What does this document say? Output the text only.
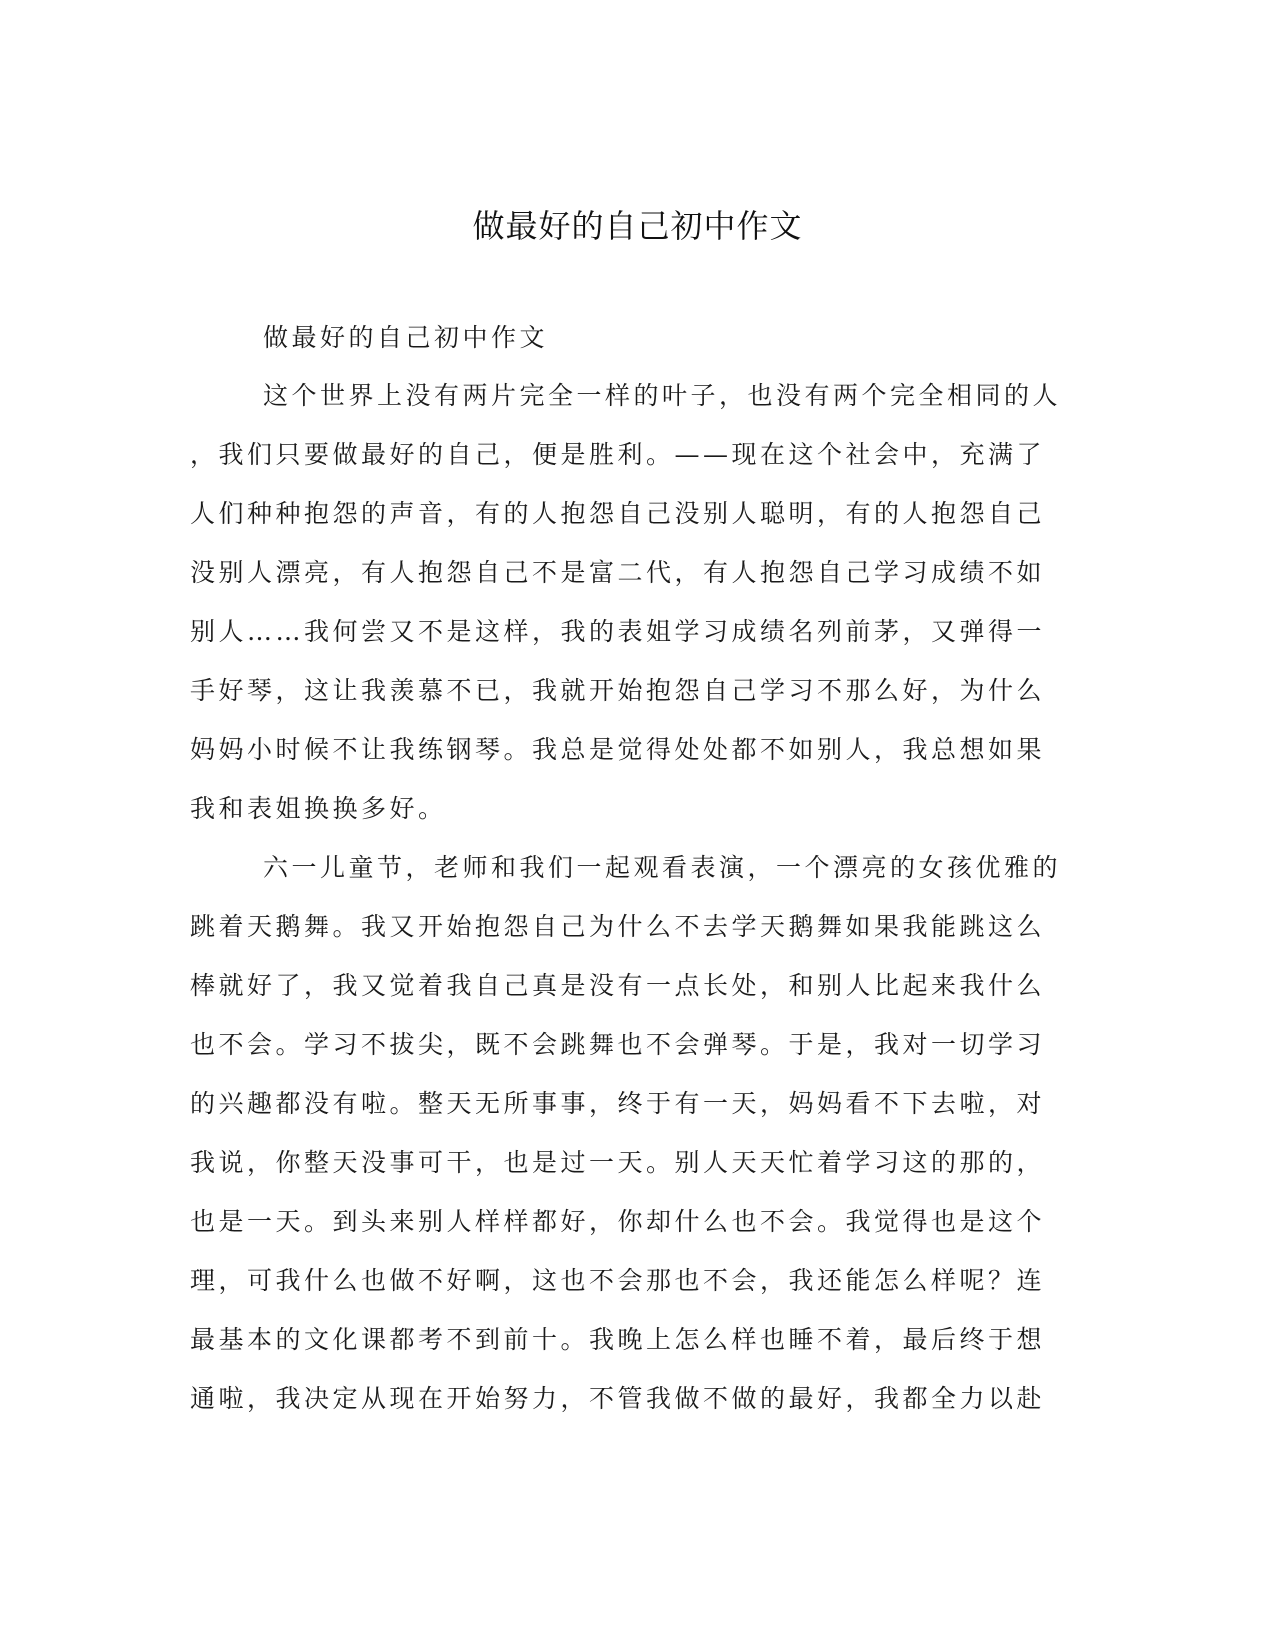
做最好的自己初中作文
做最好的自己初中作文
这个世界上没有两片完全一样的叶子，也没有两个完全相同的人
，我们只要做最好的自己，便是胜利。——现在这个社会中，充满了
人们种种抱怨的声音，有的人抱怨自己没别人聪明，有的人抱怨自己
没别人漂亮，有人抱怨自己不是富二代，有人抱怨自己学习成绩不如
别人……我何尝又不是这样，我的表姐学习成绩名列前茅，又弹得一
手好琴，这让我羡慕不已，我就开始抱怨自己学习不那么好，为什么
妈妈小时候不让我练钢琴。我总是觉得处处都不如别人，我总想如果
我和表姐换换多好。
六一儿童节，老师和我们一起观看表演，一个漂亮的女孩优雅的
跳着天鹅舞。我又开始抱怨自己为什么不去学天鹅舞如果我能跳这么
棒就好了，我又觉着我自己真是没有一点长处，和别人比起来我什么
也不会。学习不拔尖，既不会跳舞也不会弹琴。于是，我对一切学习
的兴趣都没有啦。整天无所事事，终于有一天，妈妈看不下去啦，对
我说，你整天没事可干，也是过一天。别人天天忙着学习这的那的，
也是一天。到头来别人样样都好，你却什么也不会。我觉得也是这个
理，可我什么也做不好啊，这也不会那也不会，我还能怎么样呢？连
最基本的文化课都考不到前十。我晚上怎么样也睡不着，最后终于想
通啦，我决定从现在开始努力，不管我做不做的最好，我都全力以赴
